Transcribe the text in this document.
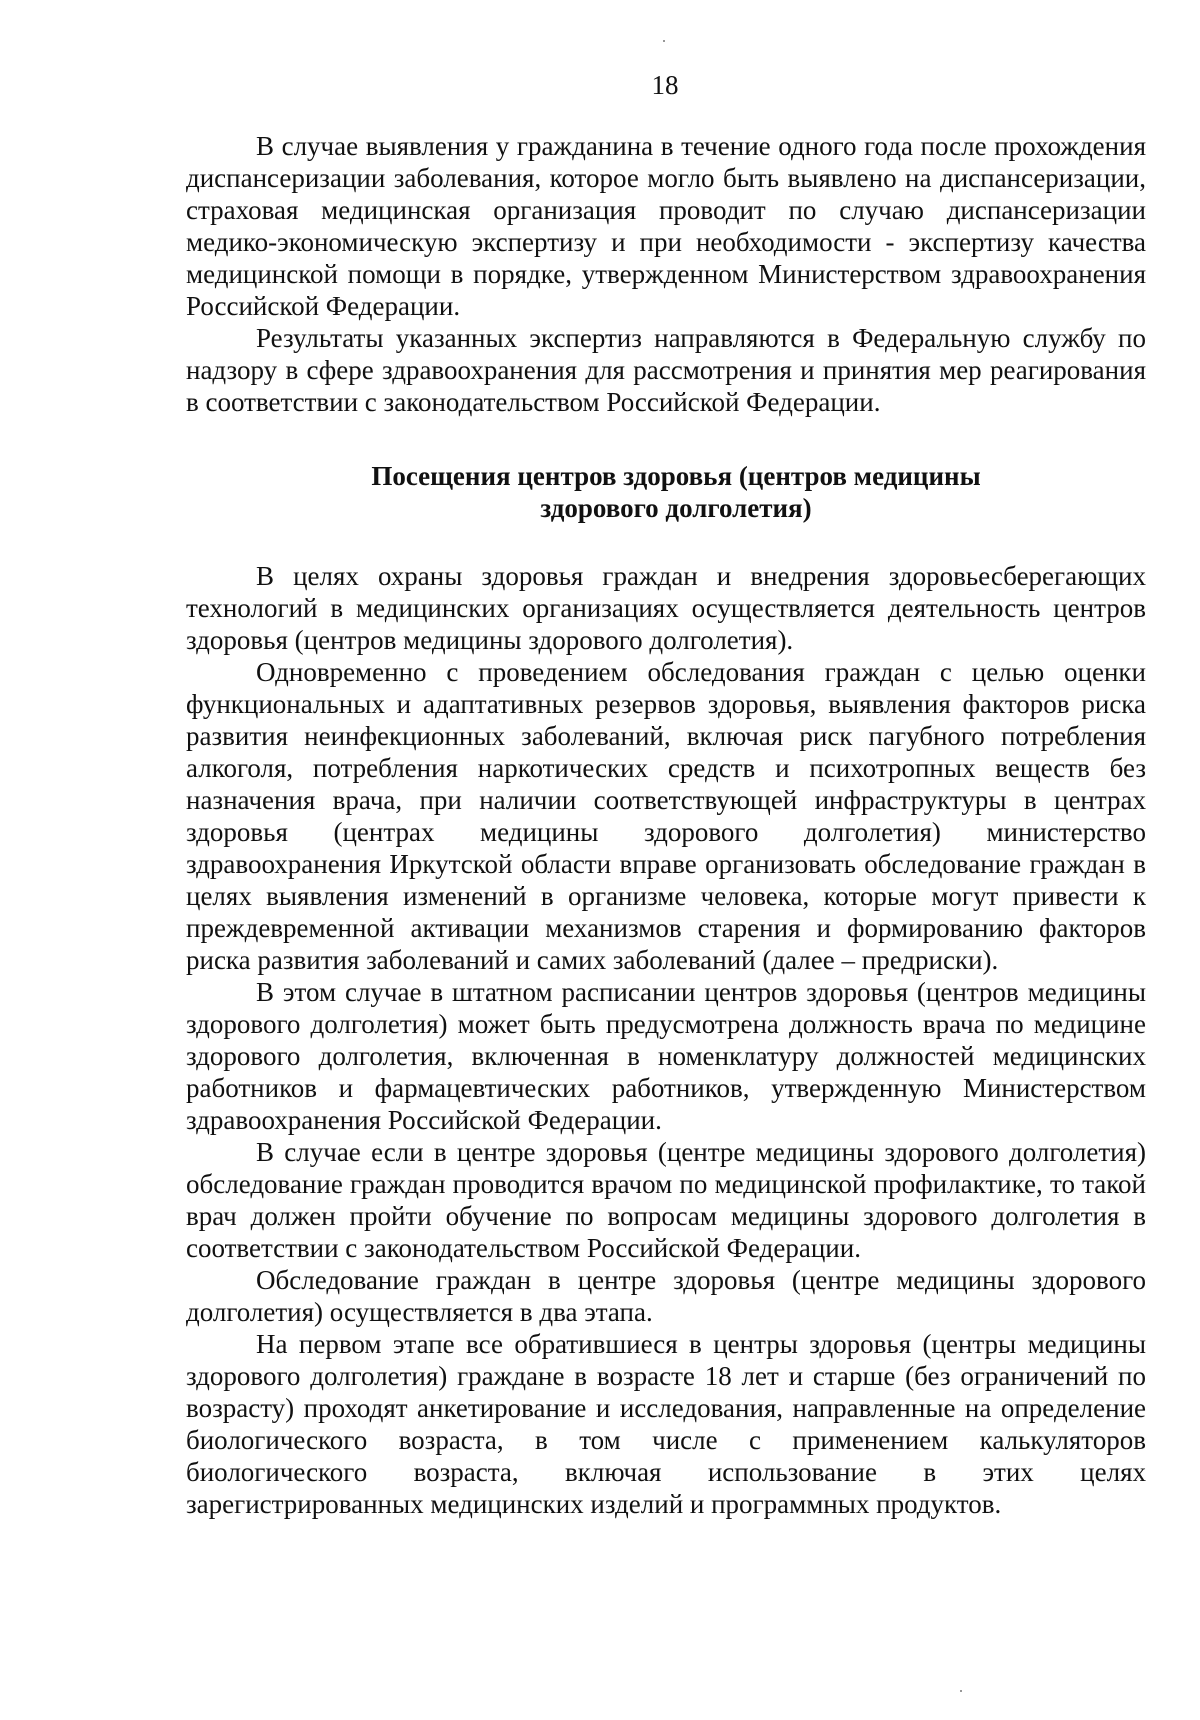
18

В случае выявления у гражданина в течение одного года после прохождения диспансеризации заболевания, которое могло быть выявлено на диспансеризации, страховая медицинская организация проводит по случаю диспансеризации медико-экономическую экспертизу и при необходимости - экспертизу качества медицинской помощи в порядке, утвержденном Министерством здравоохранения Российской Федерации.

Результаты указанных экспертиз направляются в Федеральную службу по надзору в сфере здравоохранения для рассмотрения и принятия мер реагирования в соответствии с законодательством Российской Федерации.

Посещения центров здоровья (центров медицины
здорового долголетия)

В целях охраны здоровья граждан и внедрения здоровьесберегающих технологий в медицинских организациях осуществляется деятельность центров здоровья (центров медицины здорового долголетия).

Одновременно с проведением обследования граждан с целью оценки функциональных и адаптативных резервов здоровья, выявления факторов риска развития неинфекционных заболеваний, включая риск пагубного потребления алкоголя, потребления наркотических средств и психотропных веществ без назначения врача, при наличии соответствующей инфраструктуры в центрах здоровья (центрах медицины здорового долголетия) министерство здравоохранения Иркутской области вправе организовать обследование граждан в целях выявления изменений в организме человека, которые могут привести к преждевременной активации механизмов старения и формированию факторов риска развития заболеваний и самих заболеваний (далее – предриски).

В этом случае в штатном расписании центров здоровья (центров медицины здорового долголетия) может быть предусмотрена должность врача по медицине здорового долголетия, включенная в номенклатуру должностей медицинских работников и фармацевтических работников, утвержденную Министерством здравоохранения Российской Федерации.

В случае если в центре здоровья (центре медицины здорового долголетия) обследование граждан проводится врачом по медицинской профилактике, то такой врач должен пройти обучение по вопросам медицины здорового долголетия в соответствии с законодательством Российской Федерации.

Обследование граждан в центре здоровья (центре медицины здорового долголетия) осуществляется в два этапа.

На первом этапе все обратившиеся в центры здоровья (центры медицины здорового долголетия) граждане в возрасте 18 лет и старше (без ограничений по возрасту) проходят анкетирование и исследования, направленные на определение биологического возраста, в том числе с применением калькуляторов биологического возраста, включая использование в этих целях зарегистрированных медицинских изделий и программных продуктов.
